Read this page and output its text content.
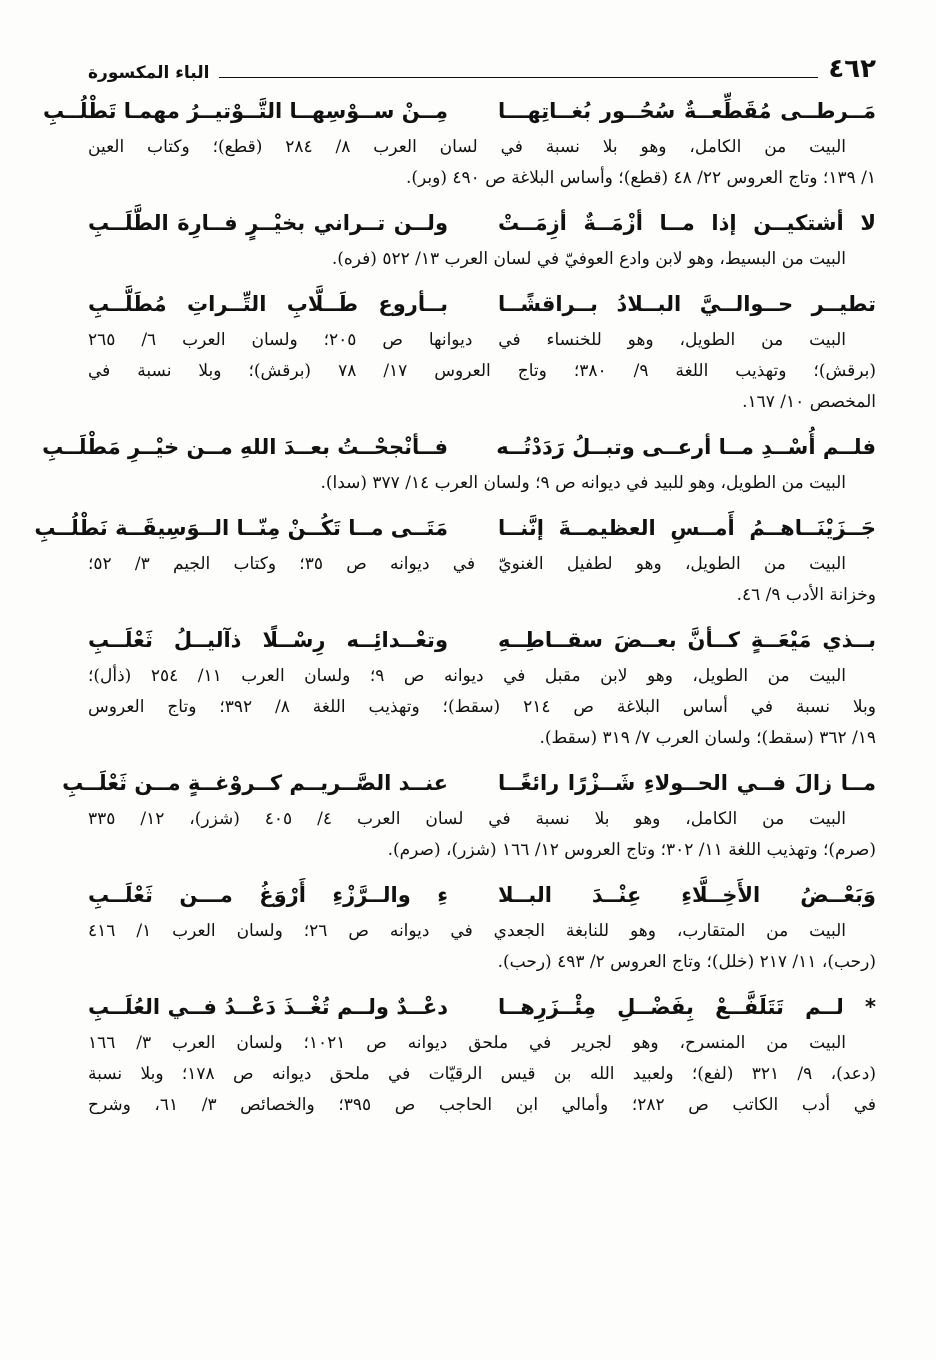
٤٦٢
الباء المكسورة
مَــرطــى مُقَطِّعــةٌ سُحُــور بُغــاتِهـــا
مِــنْ ســوْسِهــا التَّــوْتيــرُ مهمـا تَطْلُــبِ
البيت من الكامل، وهو بلا نسبة في لسان العرب ٨/ ٢٨٤ (قطع)؛ وكتاب العين
١/ ١٣٩؛ وتاج العروس ٢٢/ ٤٨ (قطع)؛ وأساس البلاغة ص ٤٩٠ (وبر).
لا أشتكيــن إذا مــا أزْمَــةٌ أزِمَــتْ
ولــن تــراني بخيْــرٍ فــارِهَ الطَّلَــبِ
البيت من البسيط، وهو لابن وادع العوفيّ في لسان العرب ١٣/ ٥٢٢ (فره).
تطيــر حــوالــيَّ البــلادُ بــراقشًــا
بــأروع طَــلَّابِ التِّــراتِ مُطَلَّــبِ
البيت من الطويل، وهو للخنساء في ديوانها ص ٢٠٥؛ ولسان العرب ٦/ ٢٦٥
(برقش)؛ وتهذيب اللغة ٩/ ٣٨٠؛ وتاج العروس ١٧/ ٧٨ (برقش)؛ وبلا نسبة في
المخصص ١٠/ ١٦٧.
فلــم أُسْــدِ مــا أرعــى وتبــلُ رَدَدْتُــه
فــأنْجحْــتُ بعــدَ اللهِ مــن خيْــرِ مَطْلَــبِ
البيت من الطويل، وهو للبيد في ديوانه ص ٩؛ ولسان العرب ١٤/ ٣٧٧ (سدا).
جَــزَيْنَــاهــمُ أَمــسِ العظيمــةَ إنَّنــا
مَتَــى مــا تَكُــنْ مِنّــا الــوَسِيقَــة نَطْلُــبِ
البيت من الطويل، وهو لطفيل الغنويّ في ديوانه ص ٣٥؛ وكتاب الجيم ٣/ ٥٢؛
وخزانة الأدب ٩/ ٤٦.
بــذي مَيْعَــةٍ كــأنَّ بعــضَ سقــاطِــهِ
وتعْــدائِــه رِسْــلًا ذآليــلُ ثَعْلَــبِ
البيت من الطويل، وهو لابن مقبل في ديوانه ص ٩؛ ولسان العرب ١١/ ٢٥٤ (ذأل)؛
وبلا نسبة في أساس البلاغة ص ٢١٤ (سقط)؛ وتهذيب اللغة ٨/ ٣٩٢؛ وتاج العروس
١٩/ ٣٦٢ (سقط)؛ ولسان العرب ٧/ ٣١٩ (سقط).
مــا زالَ فــي الحــولاءِ شَــزْرًا رائغًــا
عنــد الصَّــريــم كــروْغــةٍ مــن ثَعْلَــبِ
البيت من الكامل، وهو بلا نسبة في لسان العرب ٤/ ٤٠٥ (شزر)، ١٢/ ٣٣٥
(صرم)؛ وتهذيب اللغة ١١/ ٣٠٢؛ وتاج العروس ١٢/ ١٦٦ (شزر)، (صرم).
وَبَعْــضُ الأَخِــلَّاءِ عِنْــدَ البــلا
ءِ والــرَّزْءِ أَرْوَغُ مـــن ثَعْلَــبِ
البيت من المتقارب، وهو للنابغة الجعدي في ديوانه ص ٢٦؛ ولسان العرب ١/ ٤١٦
(رحب)، ١١/ ٢١٧ (خلل)؛ وتاج العروس ٢/ ٤٩٣ (رحب).
* لــم تَتَلَفَّــعْ بِفَضْــلِ مِئْــزَرِهــا
دعْــدٌ ولــم تُغْــذَ دَعْــدُ فــي العُلَــبِ
البيت من المنسرح، وهو لجرير في ملحق ديوانه ص ١٠٢١؛ ولسان العرب ٣/ ١٦٦
(دعد)، ٩/ ٣٢١ (لفع)؛ ولعبيد الله بن قيس الرقيّات في ملحق ديوانه ص ١٧٨؛ وبلا نسبة
في أدب الكاتب ص ٢٨٢؛ وأمالي ابن الحاجب ص ٣٩٥؛ والخصائص ٣/ ٦١، وشرح
